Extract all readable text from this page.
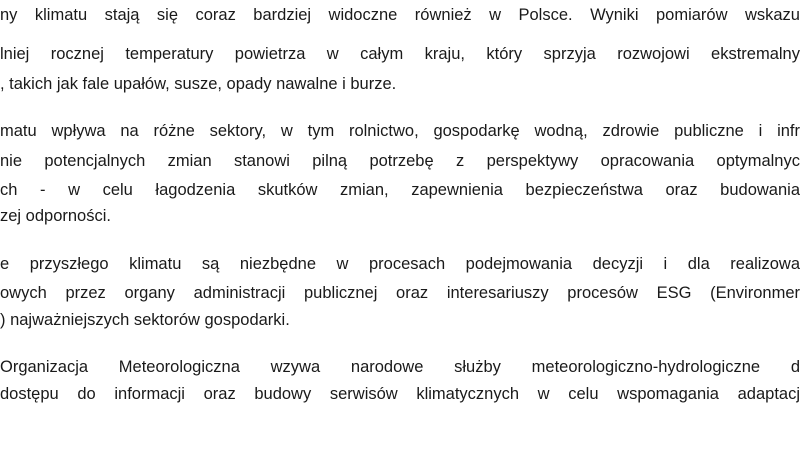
ny klimatu stają się coraz bardziej widoczne również w Polsce. Wyniki pomiarów wskazu
lniej rocznej temperatury powietrza w całym kraju, który sprzyja rozwojowi ekstremalny
, takich jak fale upałów, susze, opady nawalne i burze.
matu wpływa na różne sektory, w tym rolnictwo, gospodarkę wodną, zdrowie publiczne i infr
nie potencjalnych zmian stanowi pilną potrzebę z perspektywy opracowania optymalnyc
ch - w celu łagodzenia skutków zmian, zapewnienia bezpieczeństwa oraz budowania
zej odporności.
e przyszłego klimatu są niezbędne w procesach podejmowania decyzji i dla realizowa
owych przez organy administracji publicznej oraz interesariuszy procesów ESG (Environmer
) najważniejszych sektorów gospodarki.
Organizacja Meteorologiczna wzywa narodowe służby meteorologiczno-hydrologiczne d
dostępu do informacji oraz budowy serwisów klimatycznych w celu wspomagania adaptacj
